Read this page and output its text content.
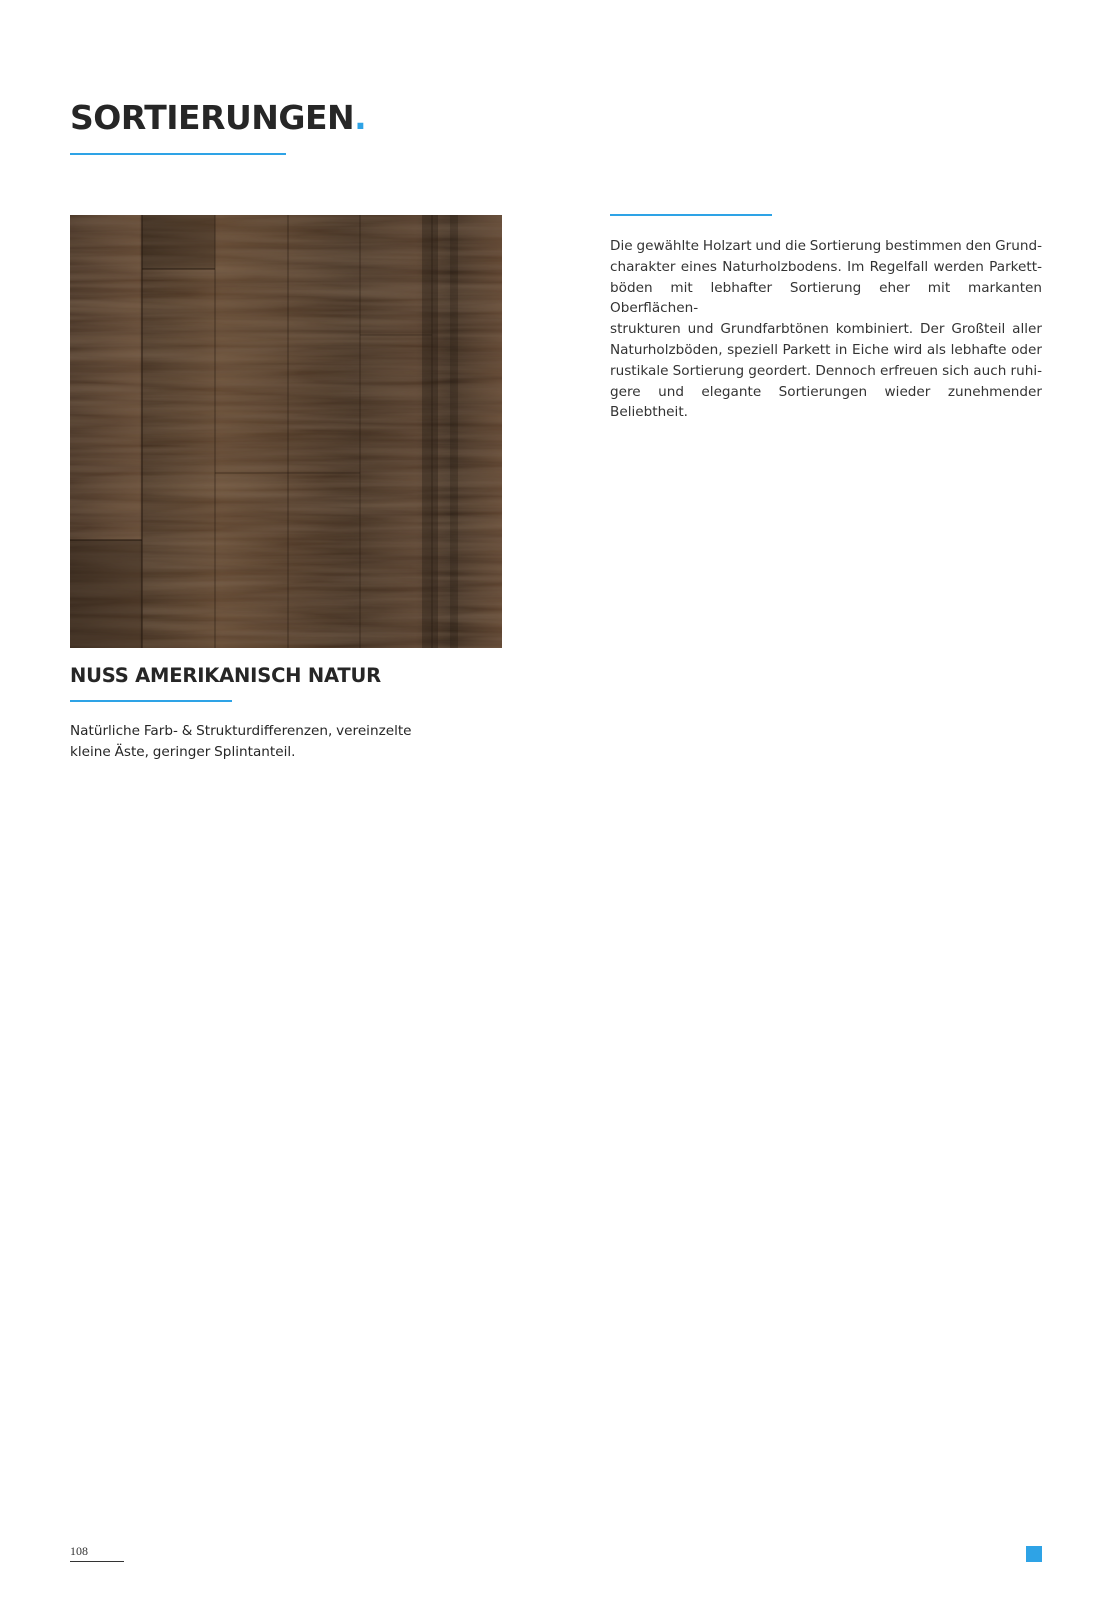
SORTIERUNGEN.
Die gewählte Holzart und die Sortierung bestimmen den Grund-
charakter eines Naturholzbodens. Im Regelfall werden Parkett-
böden mit lebhafter Sortierung eher mit markanten Oberflächen-
strukturen und Grundfarbtönen kombiniert. Der Großteil aller
Naturholzböden, speziell Parkett in Eiche wird als lebhafte oder
rustikale Sortierung geordert. Dennoch erfreuen sich auch ruhi-
gere und elegante Sortierungen wieder zunehmender Beliebtheit.
NUSS AMERIKANISCH NATUR
Natürliche Farb- & Strukturdifferenzen, vereinzelte
kleine Äste, geringer Splintanteil.
108
